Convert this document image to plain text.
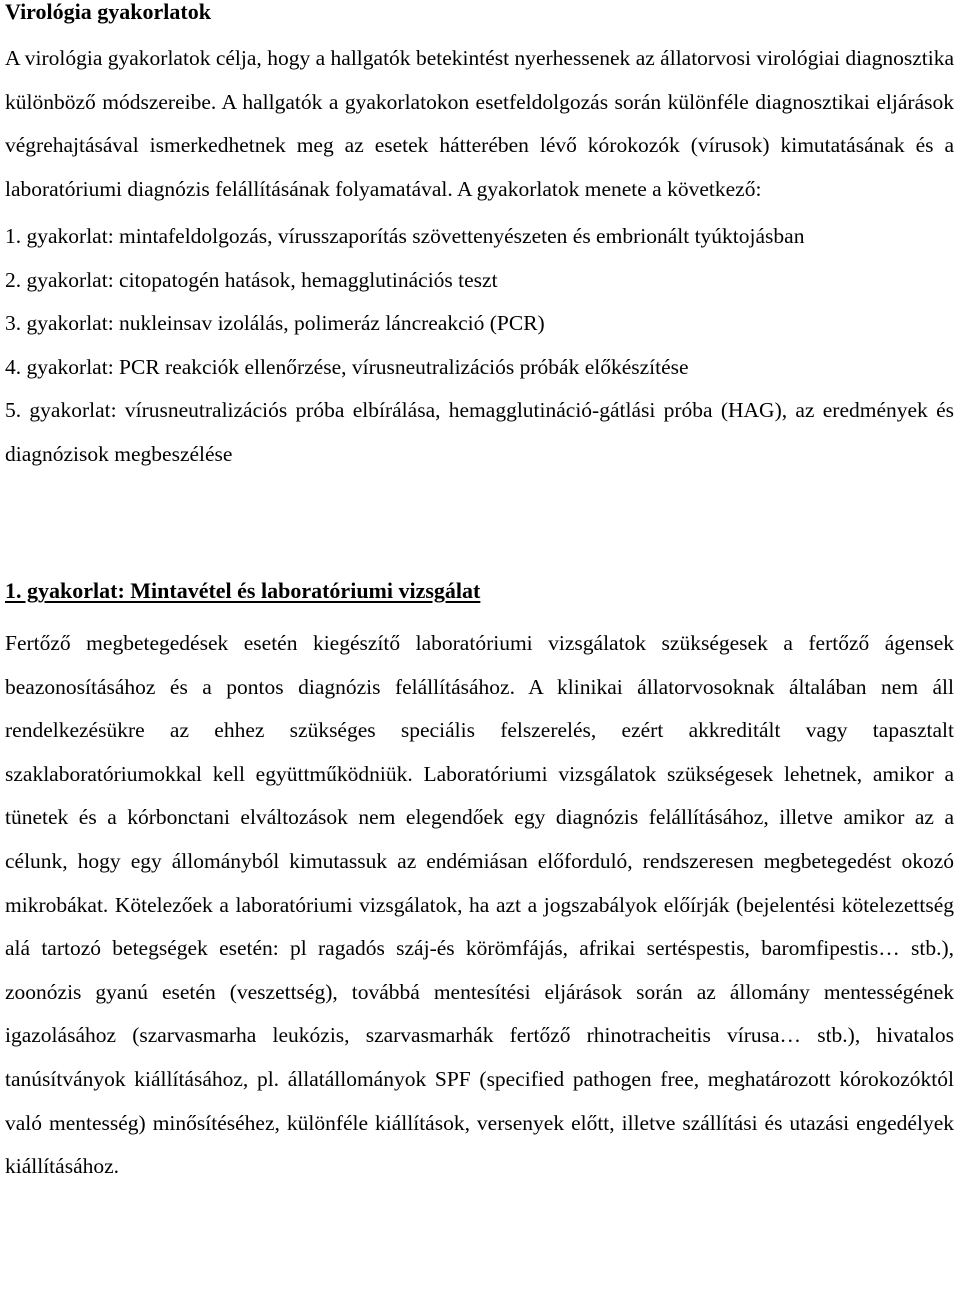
Virológia gyakorlatok

A virológia gyakorlatok célja, hogy a hallgatók betekintést nyerhessenek az állatorvosi virológiai diagnosztika különböző módszereibe. A hallgatók a gyakorlatokon esetfeldolgozás során különféle diagnosztikai eljárások végrehajtásával ismerkedhetnek meg az esetek hátterében lévő kórokozók (vírusok) kimutatásának és a laboratóriumi diagnózis felállításának folyamatával. A gyakorlatok menete a következő:

1. gyakorlat: mintafeldolgozás, vírusszaporítás szövettenyészeten és embrionált tyúktojásban
2. gyakorlat: citopatogén hatások, hemagglutinációs teszt
3. gyakorlat: nukleinsav izolálás, polimeráz láncreakció (PCR)
4. gyakorlat: PCR reakciók ellenőrzése, vírusneutralizációs próbák előkészítése
5. gyakorlat: vírusneutralizációs próba elbírálása, hemagglutináció-gátlási próba (HAG), az eredmények és diagnózisok megbeszélése
1. gyakorlat: Mintavétel és laboratóriumi vizsgálat

Fertőző megbetegedések esetén kiegészítő laboratóriumi vizsgálatok szükségesek a fertőző ágensek beazonosításához és a pontos diagnózis felállításához. A klinikai állatorvosoknak általában nem áll rendelkezésükre az ehhez szükséges speciális felszerelés, ezért akkreditált vagy tapasztalt szaklaboratóriumokkal kell együttműködniük. Laboratóriumi vizsgálatok szükségesek lehetnek, amikor a tünetek és a kórbonctani elváltozások nem elegendőek egy diagnózis felállításához, illetve amikor az a célunk, hogy egy állományból kimutassuk az endémiásan előforduló, rendszeresen megbetegedést okozó mikrobákat. Kötelezőek a laboratóriumi vizsgálatok, ha azt a jogszabályok előírják (bejelentési kötelezettség alá tartozó betegségek esetén: pl ragadós száj-és körömfájás, afrikai sertéspestis, baromfipestis… stb.), zoonózis gyanú esetén (veszettség), továbbá mentesítési eljárások során az állomány mentességének igazolásához (szarvasmarha leukózis, szarvasmarhák fertőző rhinotracheitis vírusa… stb.), hivatalos tanúsítványok kiállításához, pl. állatállományok SPF (specified pathogen free, meghatározott kórokozóktól való mentesség) minősítéséhez, különféle kiállítások, versenyek előtt, illetve szállítási és utazási engedélyek kiállításához.
